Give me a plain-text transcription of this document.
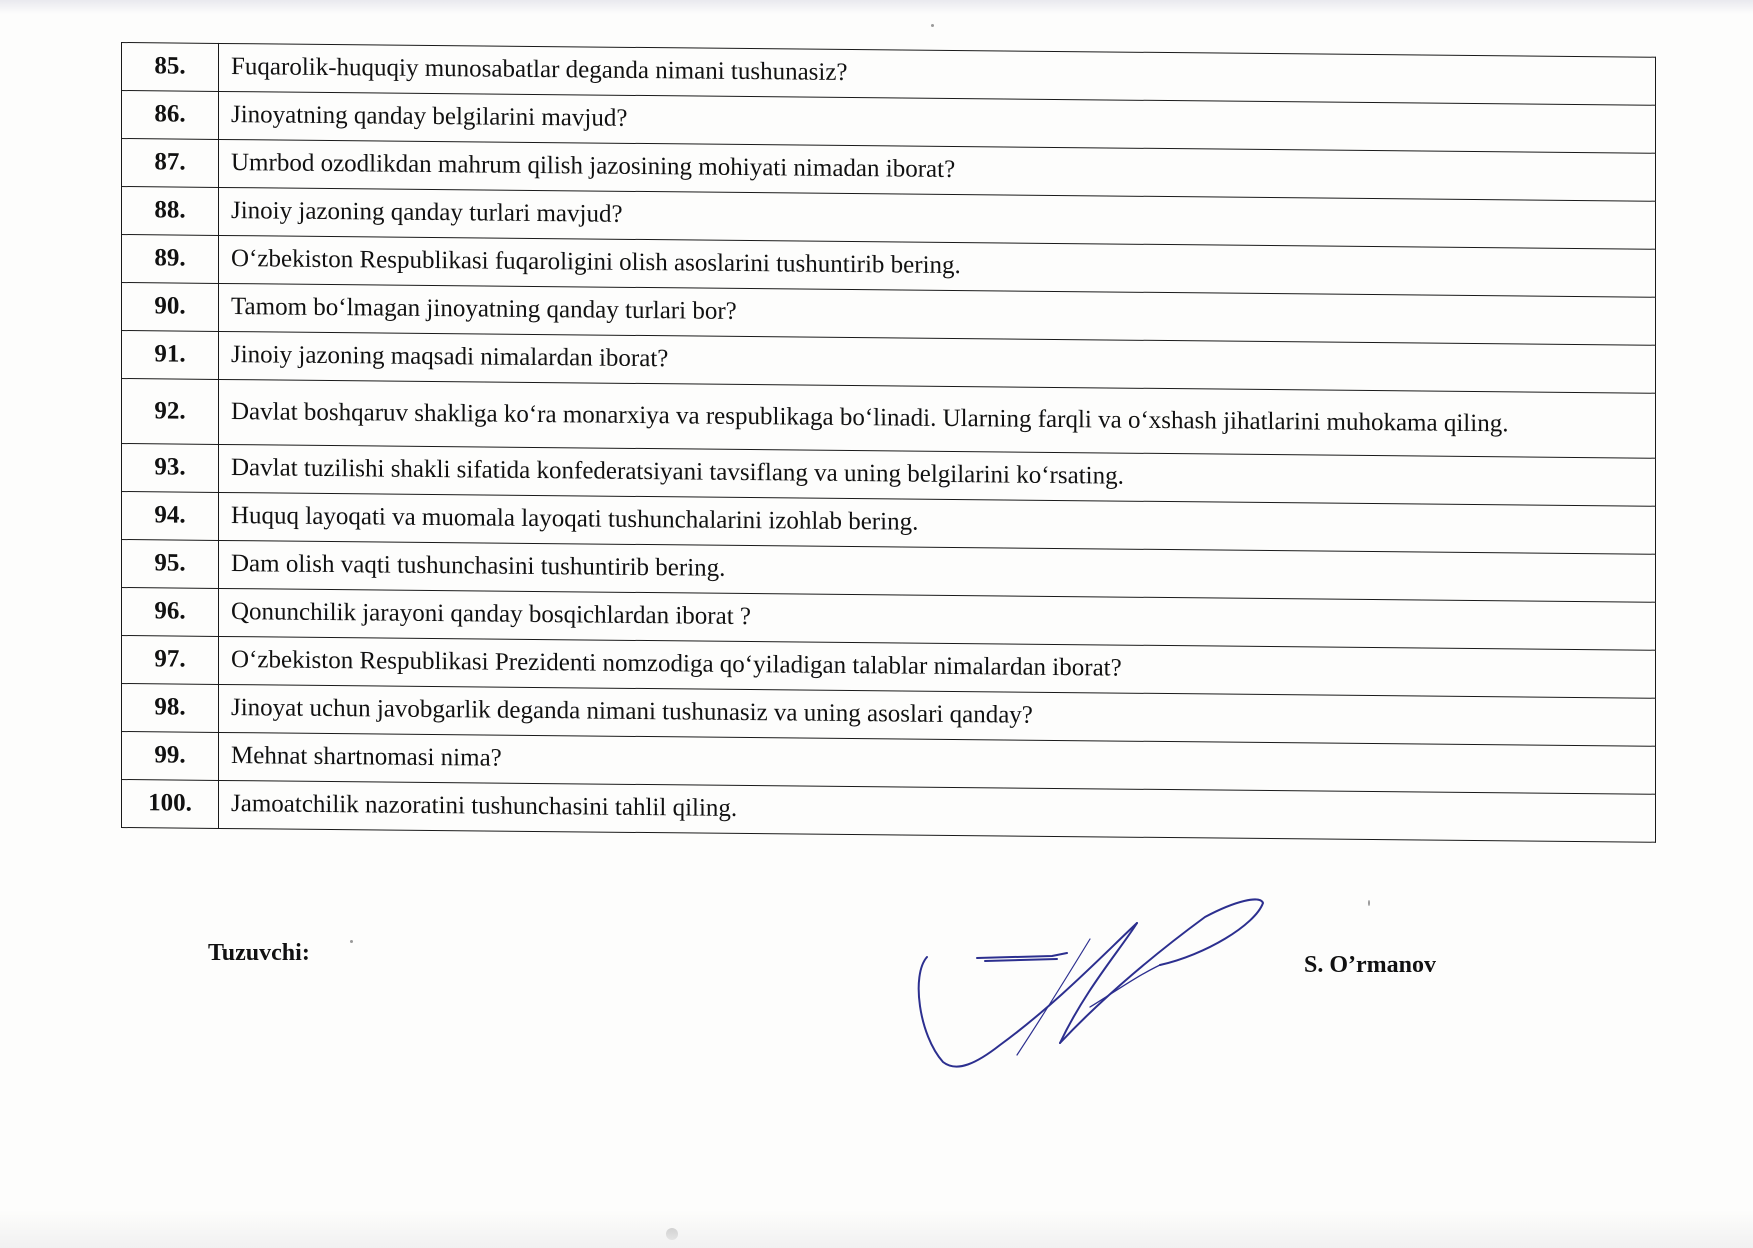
85.	Fuqarolik-huquqiy munosabatlar deganda nimani tushunasiz?
86.	Jinoyatning qanday belgilarini mavjud?
87.	Umrbod ozodlikdan mahrum qilish jazosining mohiyati nimadan iborat?
88.	Jinoiy jazoning qanday turlari mavjud?
89.	O‘zbekiston Respublikasi fuqaroligini olish asoslarini tushuntirib bering.
90.	Tamom bo‘lmagan jinoyatning qanday turlari bor?
91.	Jinoiy jazoning maqsadi nimalardan iborat?
92.	Davlat boshqaruv shakliga ko‘ra monarxiya va respublikaga bo‘linadi. Ularning farqli va o‘xshash jihatlarini muhokama qiling.
93.	Davlat tuzilishi shakli sifatida konfederatsiyani tavsiflang va uning belgilarini ko‘rsating.
94.	Huquq layoqati va muomala layoqati tushunchalarini izohlab bering.
95.	Dam olish vaqti tushunchasini tushuntirib bering.
96.	Qonunchilik jarayoni qanday bosqichlardan iborat ?
97.	O‘zbekiston Respublikasi Prezidenti nomzodiga qo‘yiladigan talablar nimalardan iborat?
98.	Jinoyat uchun javobgarlik deganda nimani tushunasiz va uning asoslari qanday?
99.	Mehnat shartnomasi nima?
100.	Jamoatchilik nazoratini tushunchasini tahlil qiling.
Tuzuvchi:	S. O’rmanov
